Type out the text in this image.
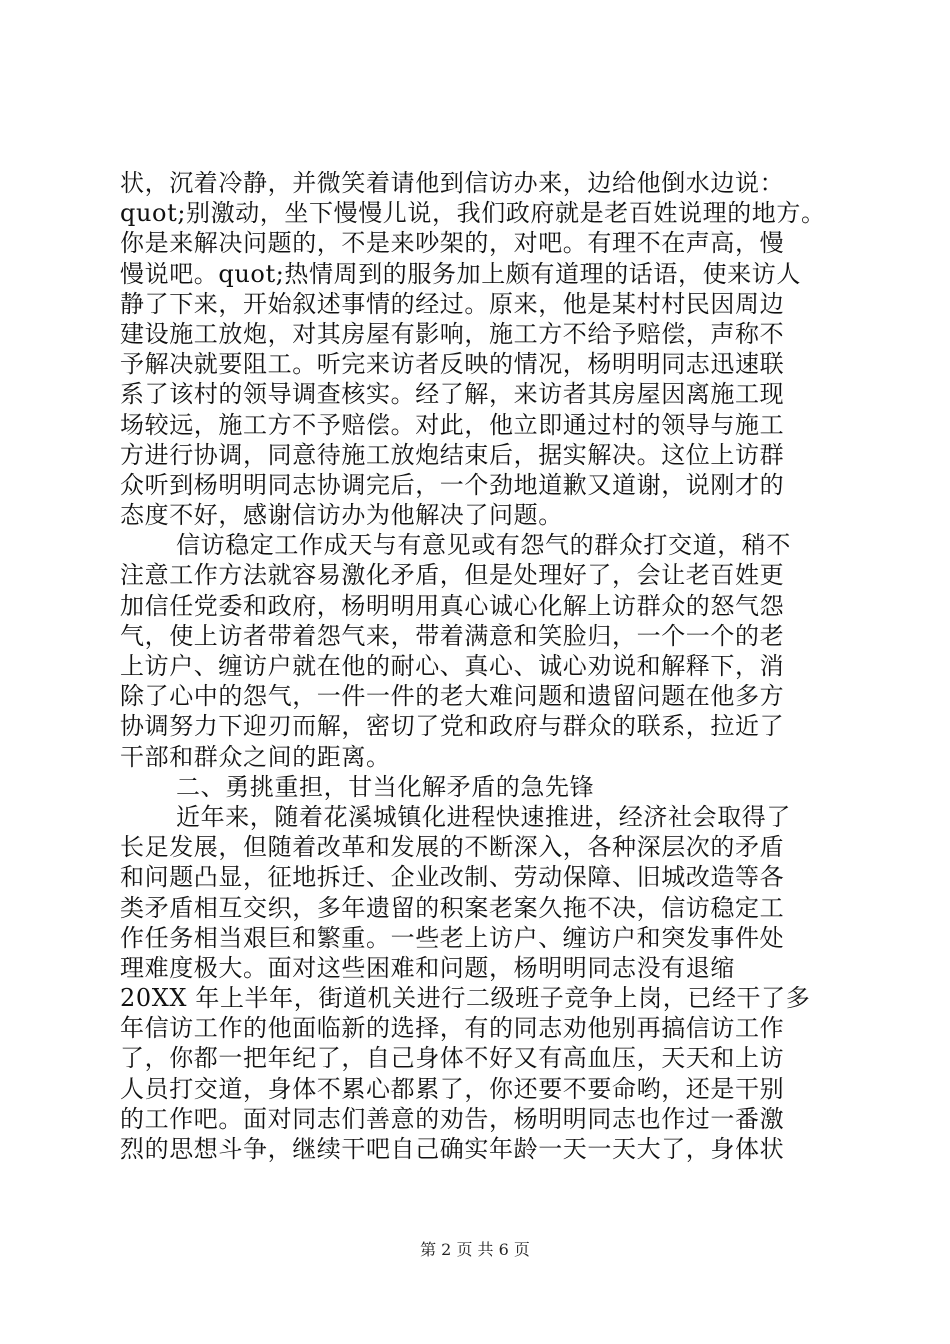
状，沉着冷静，并微笑着请他到信访办来，边给他倒水边说：
quot;别激动，坐下慢慢儿说，我们政府就是老百姓说理的地方。
你是来解决问题的，不是来吵架的，对吧。有理不在声高，慢
慢说吧。quot;热情周到的服务加上颇有道理的话语，使来访人
静了下来，开始叙述事情的经过。原来，他是某村村民因周边
建设施工放炮，对其房屋有影响，施工方不给予赔偿，声称不
予解决就要阻工。听完来访者反映的情况，杨明明同志迅速联
系了该村的领导调查核实。经了解，来访者其房屋因离施工现
场较远，施工方不予赔偿。对此，他立即通过村的领导与施工
方进行协调，同意待施工放炮结束后，据实解决。这位上访群
众听到杨明明同志协调完后，一个劲地道歉又道谢，说刚才的
态度不好，感谢信访办为他解决了问题。
信访稳定工作成天与有意见或有怨气的群众打交道，稍不
注意工作方法就容易激化矛盾，但是处理好了，会让老百姓更
加信任党委和政府，杨明明用真心诚心化解上访群众的怒气怨
气，使上访者带着怨气来，带着满意和笑脸归，一个一个的老
上访户、缠访户就在他的耐心、真心、诚心劝说和解释下，消
除了心中的怨气，一件一件的老大难问题和遗留问题在他多方
协调努力下迎刃而解，密切了党和政府与群众的联系，拉近了
干部和群众之间的距离。
二、勇挑重担，甘当化解矛盾的急先锋
近年来，随着花溪城镇化进程快速推进，经济社会取得了
长足发展，但随着改革和发展的不断深入，各种深层次的矛盾
和问题凸显，征地拆迁、企业改制、劳动保障、旧城改造等各
类矛盾相互交织，多年遗留的积案老案久拖不决，信访稳定工
作任务相当艰巨和繁重。一些老上访户、缠访户和突发事件处
理难度极大。面对这些困难和问题，杨明明同志没有退缩
20XX 年上半年，街道机关进行二级班子竞争上岗，已经干了多
年信访工作的他面临新的选择，有的同志劝他别再搞信访工作
了，你都一把年纪了，自己身体不好又有高血压，天天和上访
人员打交道，身体不累心都累了，你还要不要命哟，还是干别
的工作吧。面对同志们善意的劝告，杨明明同志也作过一番激
烈的思想斗争，继续干吧自己确实年龄一天一天大了，身体状
第 2 页 共 6 页
